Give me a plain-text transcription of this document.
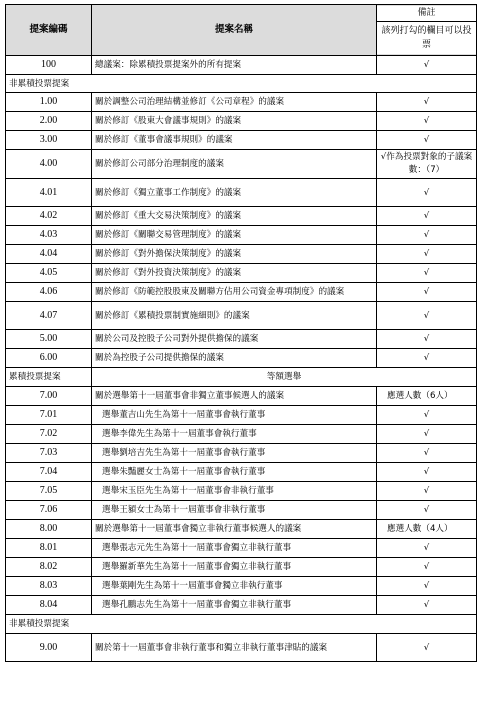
提案編碼	提案名稱	備註
該列打勾的欄目可以投票

100	總議案：除累積投票提案外的所有提案	√
非累積投票提案		
1.00	關於調整公司治理結構並修訂《公司章程》的議案	√
2.00	關於修訂《股東大會議事規則》的議案	√
3.00	關於修訂《董事會議事規則》的議案	√
4.00	關於修訂公司部分治理制度的議案	√作為投票對象的子議案數：（7）
4.01	關於修訂《獨立董事工作制度》的議案	√
4.02	關於修訂《重大交易決策制度》的議案	√
4.03	關於修訂《關聯交易管理制度》的議案	√
4.04	關於修訂《對外擔保決策制度》的議案	√
4.05	關於修訂《對外投資決策制度》的議案	√
4.06	關於修訂《防範控股股東及關聯方佔用公司資金專項制度》的議案	√
4.07	關於修訂《累積投票制實施細則》的議案	√
5.00	關於公司及控股子公司對外提供擔保的議案	√
6.00	關於為控股子公司提供擔保的議案	√
累積投票提案	等額選舉	
7.00	關於選舉第十一屆董事會非獨立董事候選人的議案	應選人數（6人）
7.01	選舉董吉山先生為第十一屆董事會執行董事	√
7.02	選舉李偉先生為第十一屆董事會執行董事	√
7.03	選舉劉培吉先生為第十一屆董事會執行董事	√
7.04	選舉朱豔麗女士為第十一屆董事會執行董事	√
7.05	選舉宋玉臣先生為第十一屆董事會非執行董事	√
7.06	選舉王潁女士為第十一屆董事會非執行董事	√
8.00	關於選舉第十一屆董事會獨立非執行董事候選人的議案	應選人數（4人）
8.01	選舉張志元先生為第十一屆董事會獨立非執行董事	√
8.02	選舉羅新華先生為第十一屆董事會獨立非執行董事	√
8.03	選舉葉剛先生為第十一屆董事會獨立非執行董事	√
8.04	選舉孔鵬志先生為第十一屆董事會獨立非執行董事	√
非累積投票提案		
9.00	關於第十一屆董事會非執行董事和獨立非執行董事津貼的議案	√
